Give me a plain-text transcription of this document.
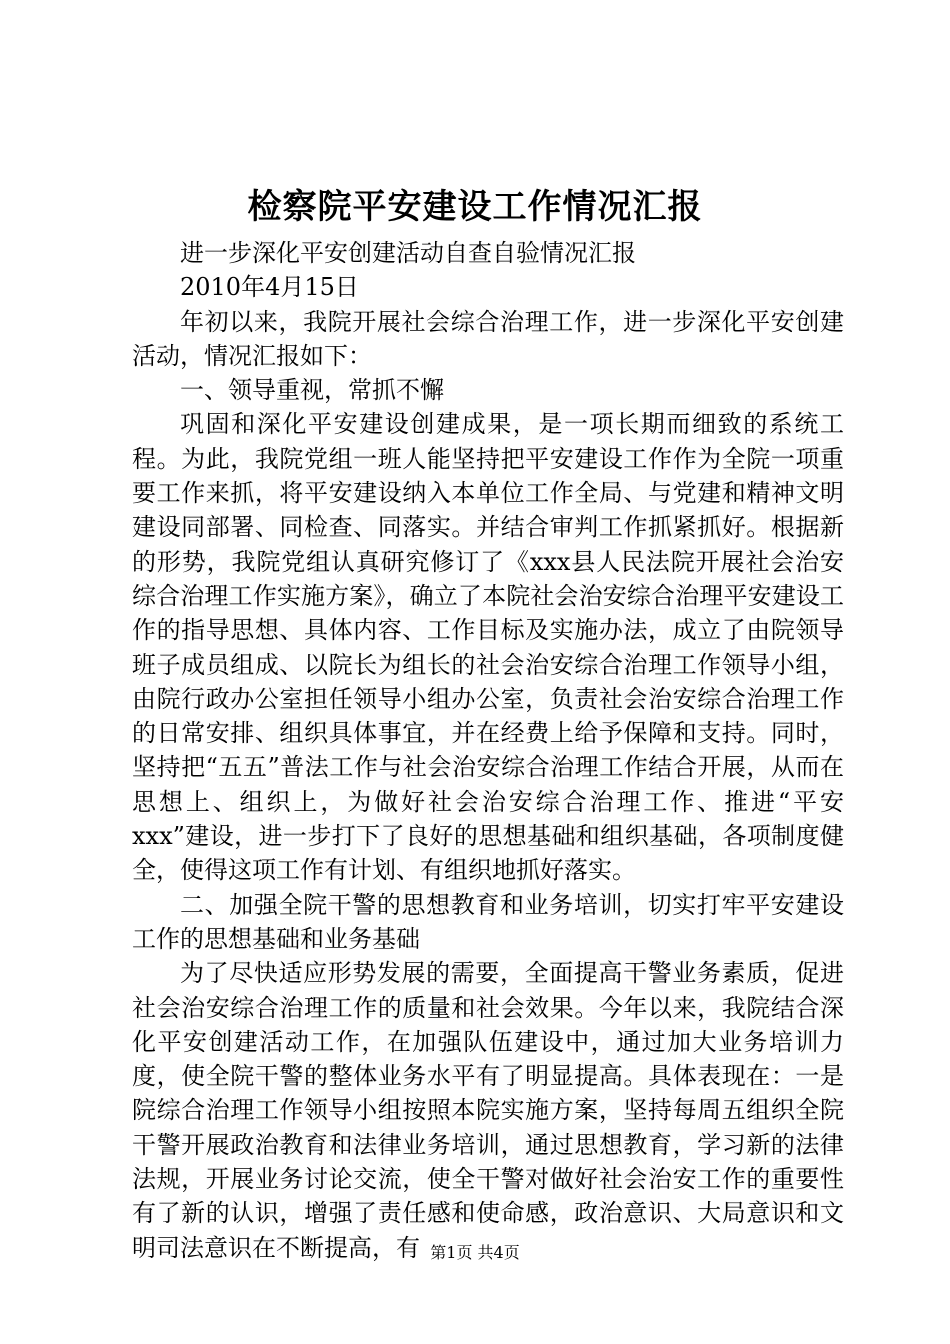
检察院平安建设工作情况汇报

进一步深化平安创建活动自查自验情况汇报

2010年4月15日

年初以来，我院开展社会综合治理工作，进一步深化平安创建活动，情况汇报如下：

一、领导重视，常抓不懈

巩固和深化平安建设创建成果，是一项长期而细致的系统工程。为此，我院党组一班人能坚持把平安建设工作作为全院一项重要工作来抓，将平安建设纳入本单位工作全局、与党建和精神文明建设同部署、同检查、同落实。并结合审判工作抓紧抓好。根据新的形势，我院党组认真研究修订了《xxx县人民法院开展社会治安综合治理工作实施方案》，确立了本院社会治安综合治理平安建设工作的指导思想、具体内容、工作目标及实施办法，成立了由院领导班子成员组成、以院长为组长的社会治安综合治理工作领导小组，由院行政办公室担任领导小组办公室，负责社会治安综合治理工作的日常安排、组织具体事宜，并在经费上给予保障和支持。同时，坚持把“五五”普法工作与社会治安综合治理工作结合开展，从而在思想上、组织上，为做好社会治安综合治理工作、推进“平安xxx”建设，进一步打下了良好的思想基础和组织基础，各项制度健全，使得这项工作有计划、有组织地抓好落实。

二、加强全院干警的思想教育和业务培训，切实打牢平安建设工作的思想基础和业务基础

为了尽快适应形势发展的需要，全面提高干警业务素质，促进社会治安综合治理工作的质量和社会效果。今年以来，我院结合深化平安创建活动工作，在加强队伍建设中，通过加大业务培训力度，使全院干警的整体业务水平有了明显提高。具体表现在：一是院综合治理工作领导小组按照本院实施方案，坚持每周五组织全院干警开展政治教育和法律业务培训，通过思想教育，学习新的法律法规，开展业务讨论交流，使全干警对做好社会治安工作的重要性有了新的认识，增强了责任感和使命感，政治意识、大局意识和文明司法意识在不断提高，有 第1页 共4页
